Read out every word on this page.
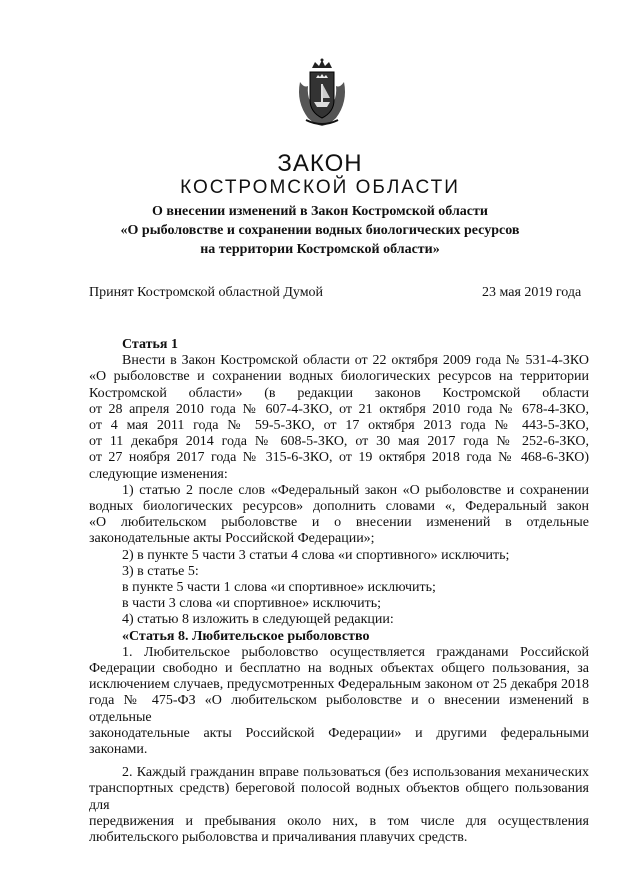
ЗАКОН
КОСТРОМСКОЙ ОБЛАСТИ
О внесении изменений в Закон Костромской области
«О рыболовстве и сохранении водных биологических ресурсов
на территории Костромской области»
Принят Костромской областной Думой	23 мая 2019 года

Статья 1

Внести в Закон Костромской области от 22 октября 2009 года № 531-4-ЗКО

«О рыболовстве и сохранении водных биологических ресурсов на территории

Костромской области» (в редакции законов Костромской области

от 28 апреля 2010 года № 607-4-ЗКО, от 21 октября 2010 года № 678-4-ЗКО,

от 4 мая 2011 года № 59-5-ЗКО, от 17 октября 2013 года № 443-5-ЗКО,

от 11 декабря 2014 года № 608-5-ЗКО, от 30 мая 2017 года № 252-6-ЗКО,

от 27 ноября 2017 года № 315-6-ЗКО, от 19 октября 2018 года № 468-6-ЗКО)

следующие изменения:

1) статью 2 после слов «Федеральный закон «О рыболовстве и сохранении

водных биологических ресурсов» дополнить словами «, Федеральный закон

«О любительском рыболовстве и о внесении изменений в отдельные

законодательные акты Российской Федерации»;

2) в пункте 5 части 3 статьи 4 слова «и спортивного» исключить;

3) в статье 5:

в пункте 5 части 1 слова «и спортивное» исключить;

в части 3 слова «и спортивное» исключить;

4) статью 8 изложить в следующей редакции:

«Статья 8. Любительское рыболовство

1. Любительское рыболовство осуществляется гражданами Российской

Федерации свободно и бесплатно на водных объектах общего пользования, за

исключением случаев, предусмотренных Федеральным законом от 25 декабря 2018

года № 475-ФЗ «О любительском рыболовстве и о внесении изменений в отдельные

законодательные акты Российской Федерации» и другими федеральными законами.

2. Каждый гражданин вправе пользоваться (без использования механических

транспортных средств) береговой полосой водных объектов общего пользования для

передвижения и пребывания около них, в том числе для осуществления

любительского рыболовства и причаливания плавучих средств.
